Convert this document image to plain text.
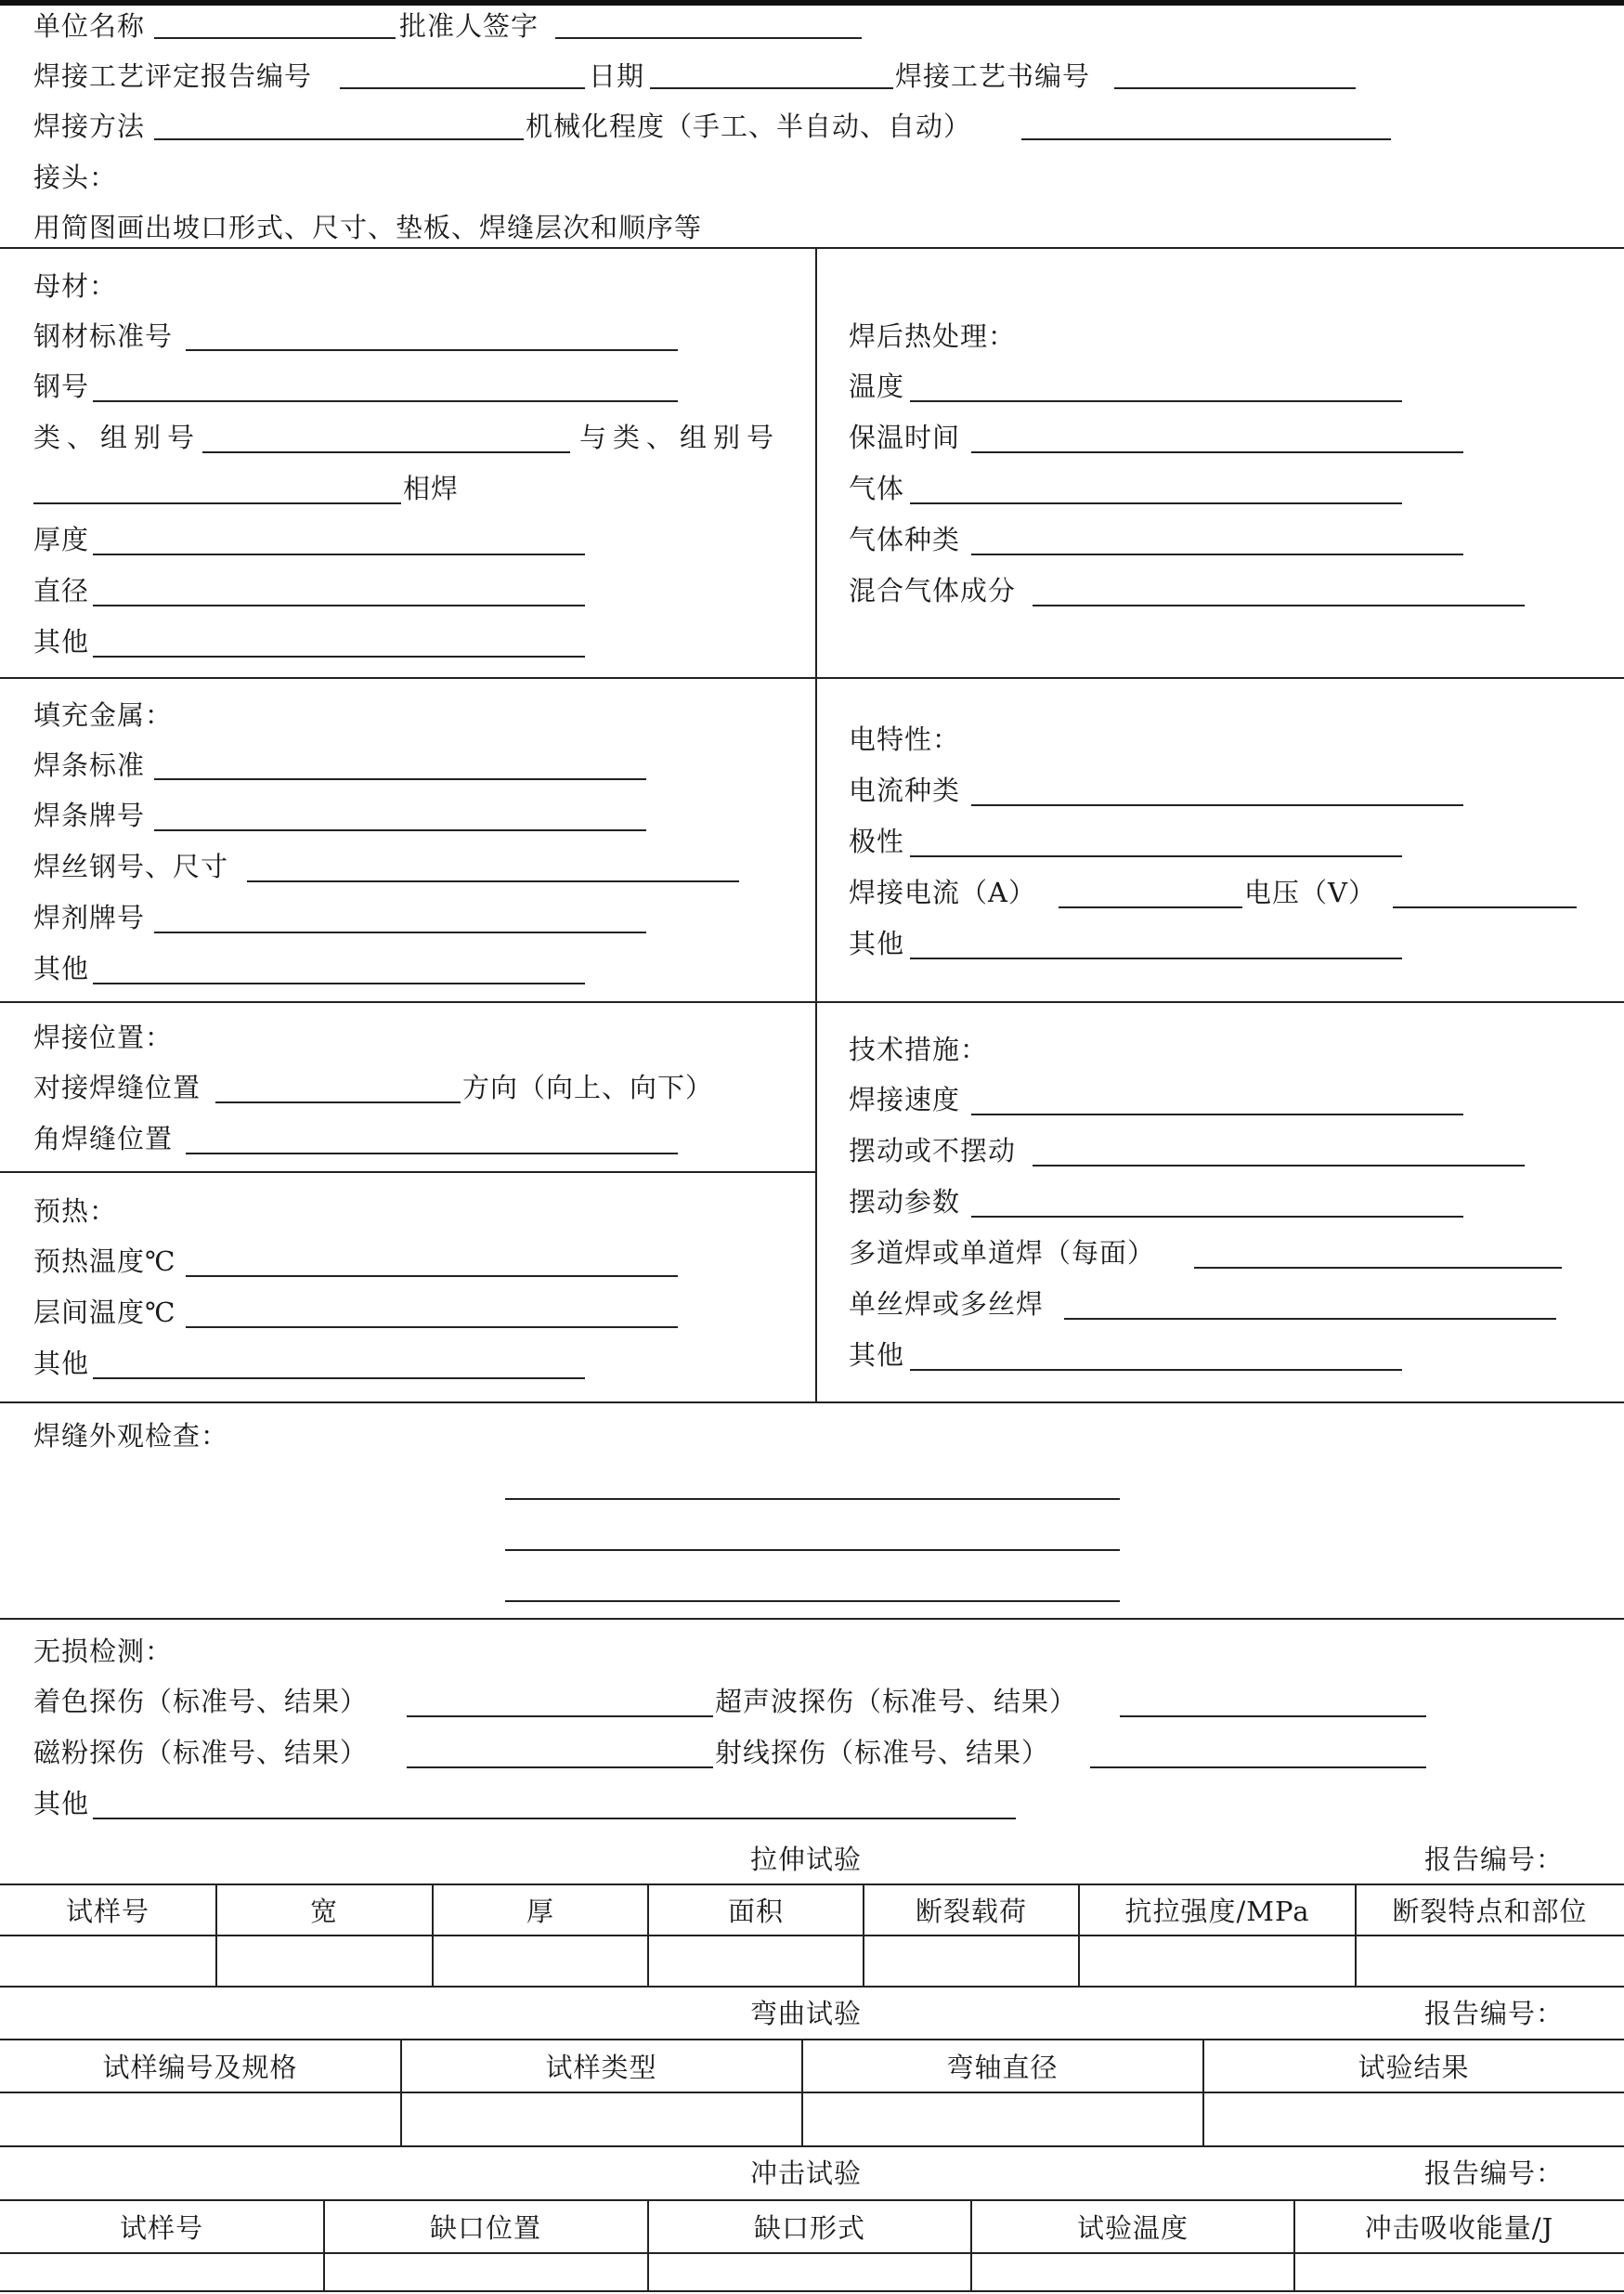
单位名称	批准人签字
焊接工艺评定报告编号	日期	焊接工艺书编号
焊接方法	机械化程度（手工、半自动、自动）
接头：
用简图画出坡口形式、尺寸、垫板、焊缝层次和顺序等
母材：
钢材标准号
钢号
类、组别号	与类、组别号
相焊
厚度
直径
其他
焊后热处理：
温度
保温时间
气体
气体种类
混合气体成分
填充金属：
焊条标准
焊条牌号
焊丝钢号、尺寸
焊剂牌号
其他
电特性：
电流种类
极性
焊接电流（A）	电压（V）
其他
焊接位置：
对接焊缝位置	方向（向上、向下）
角焊缝位置
预热：
预热温度℃
层间温度℃
其他
技术措施：
焊接速度
摆动或不摆动
摆动参数
多道焊或单道焊（每面）
单丝焊或多丝焊
其他
焊缝外观检查：
无损检测：
着色探伤（标准号、结果）	超声波探伤（标准号、结果）
磁粉探伤（标准号、结果）	射线探伤（标准号、结果）
其他
拉伸试验	报告编号：
试样号	宽	厚	面积	断裂载荷	抗拉强度/MPa	断裂特点和部位
弯曲试验	报告编号：
试样编号及规格	试样类型	弯轴直径	试验结果
冲击试验	报告编号：
试样号	缺口位置	缺口形式	试验温度	冲击吸收能量/J
